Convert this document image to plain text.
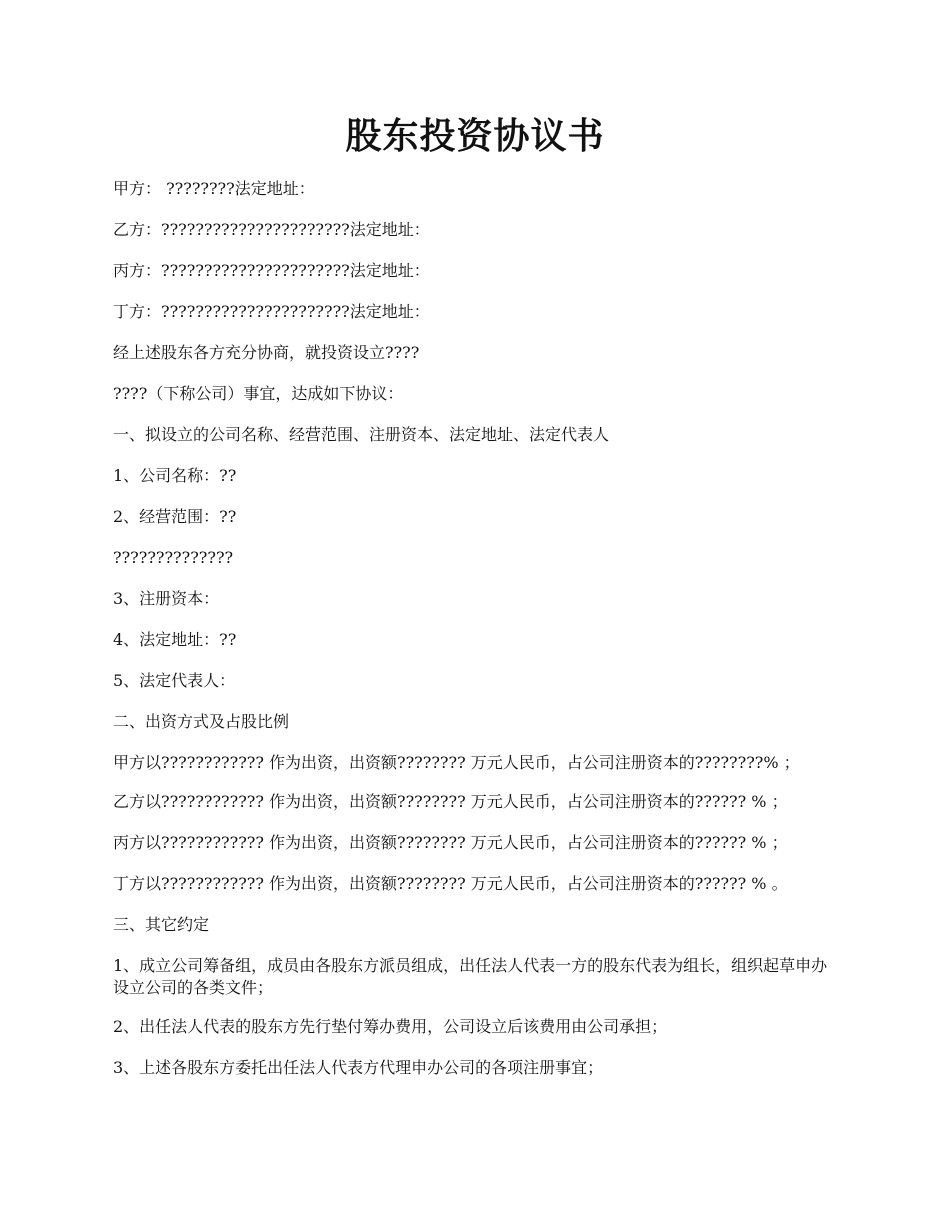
股东投资协议书

甲方： ????????法定地址：

乙方：??????????????????????法定地址：

丙方：??????????????????????法定地址：

丁方：??????????????????????法定地址：

经上述股东各方充分协商，就投资设立????

????（下称公司）事宜，达成如下协议：

一、拟设立的公司名称、经营范围、注册资本、法定地址、法定代表人

1、公司名称：??

2、经营范围：??

??????????????

3、注册资本：

4、法定地址：??

5、法定代表人：

二、出资方式及占股比例

甲方以???????????? 作为出资，出资额???????? 万元人民币，占公司注册资本的????????% ；

乙方以???????????? 作为出资，出资额???????? 万元人民币，占公司注册资本的?????? % ；

丙方以???????????? 作为出资，出资额???????? 万元人民币，占公司注册资本的?????? % ；

丁方以???????????? 作为出资，出资额???????? 万元人民币，占公司注册资本的?????? % 。

三、其它约定

1、成立公司筹备组，成员由各股东方派员组成，出任法人代表一方的股东代表为组长，组织起草申办设立公司的各类文件；

2、出任法人代表的股东方先行垫付筹办费用，公司设立后该费用由公司承担；

3、上述各股东方委托出任法人代表方代理申办公司的各项注册事宜；
